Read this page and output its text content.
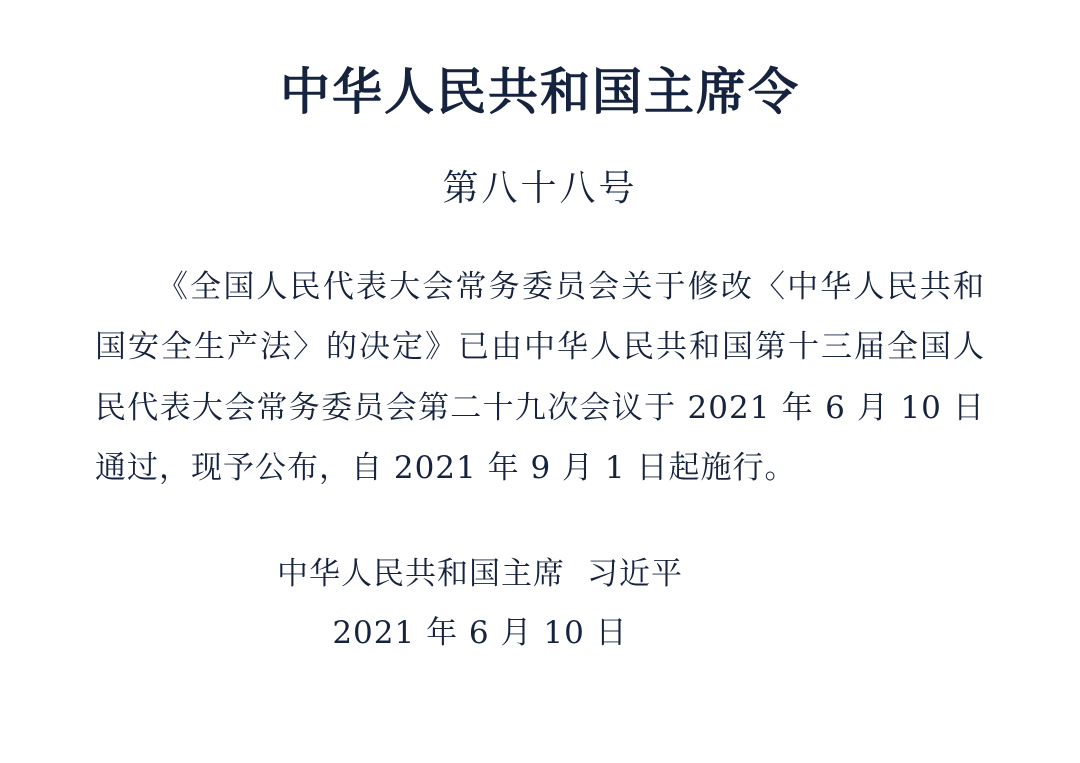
中华人民共和国主席令
第八十八号

《全国人民代表大会常务委员会关于修改〈中华人民共和国安全生产法〉的决定》已由中华人民共和国第十三届全国人民代表大会常务委员会第二十九次会议于 2021 年 6 月 10 日通过，现予公布，自 2021 年 9 月 1 日起施行。

中华人民共和国主席 习近平
2021 年 6 月 10 日
